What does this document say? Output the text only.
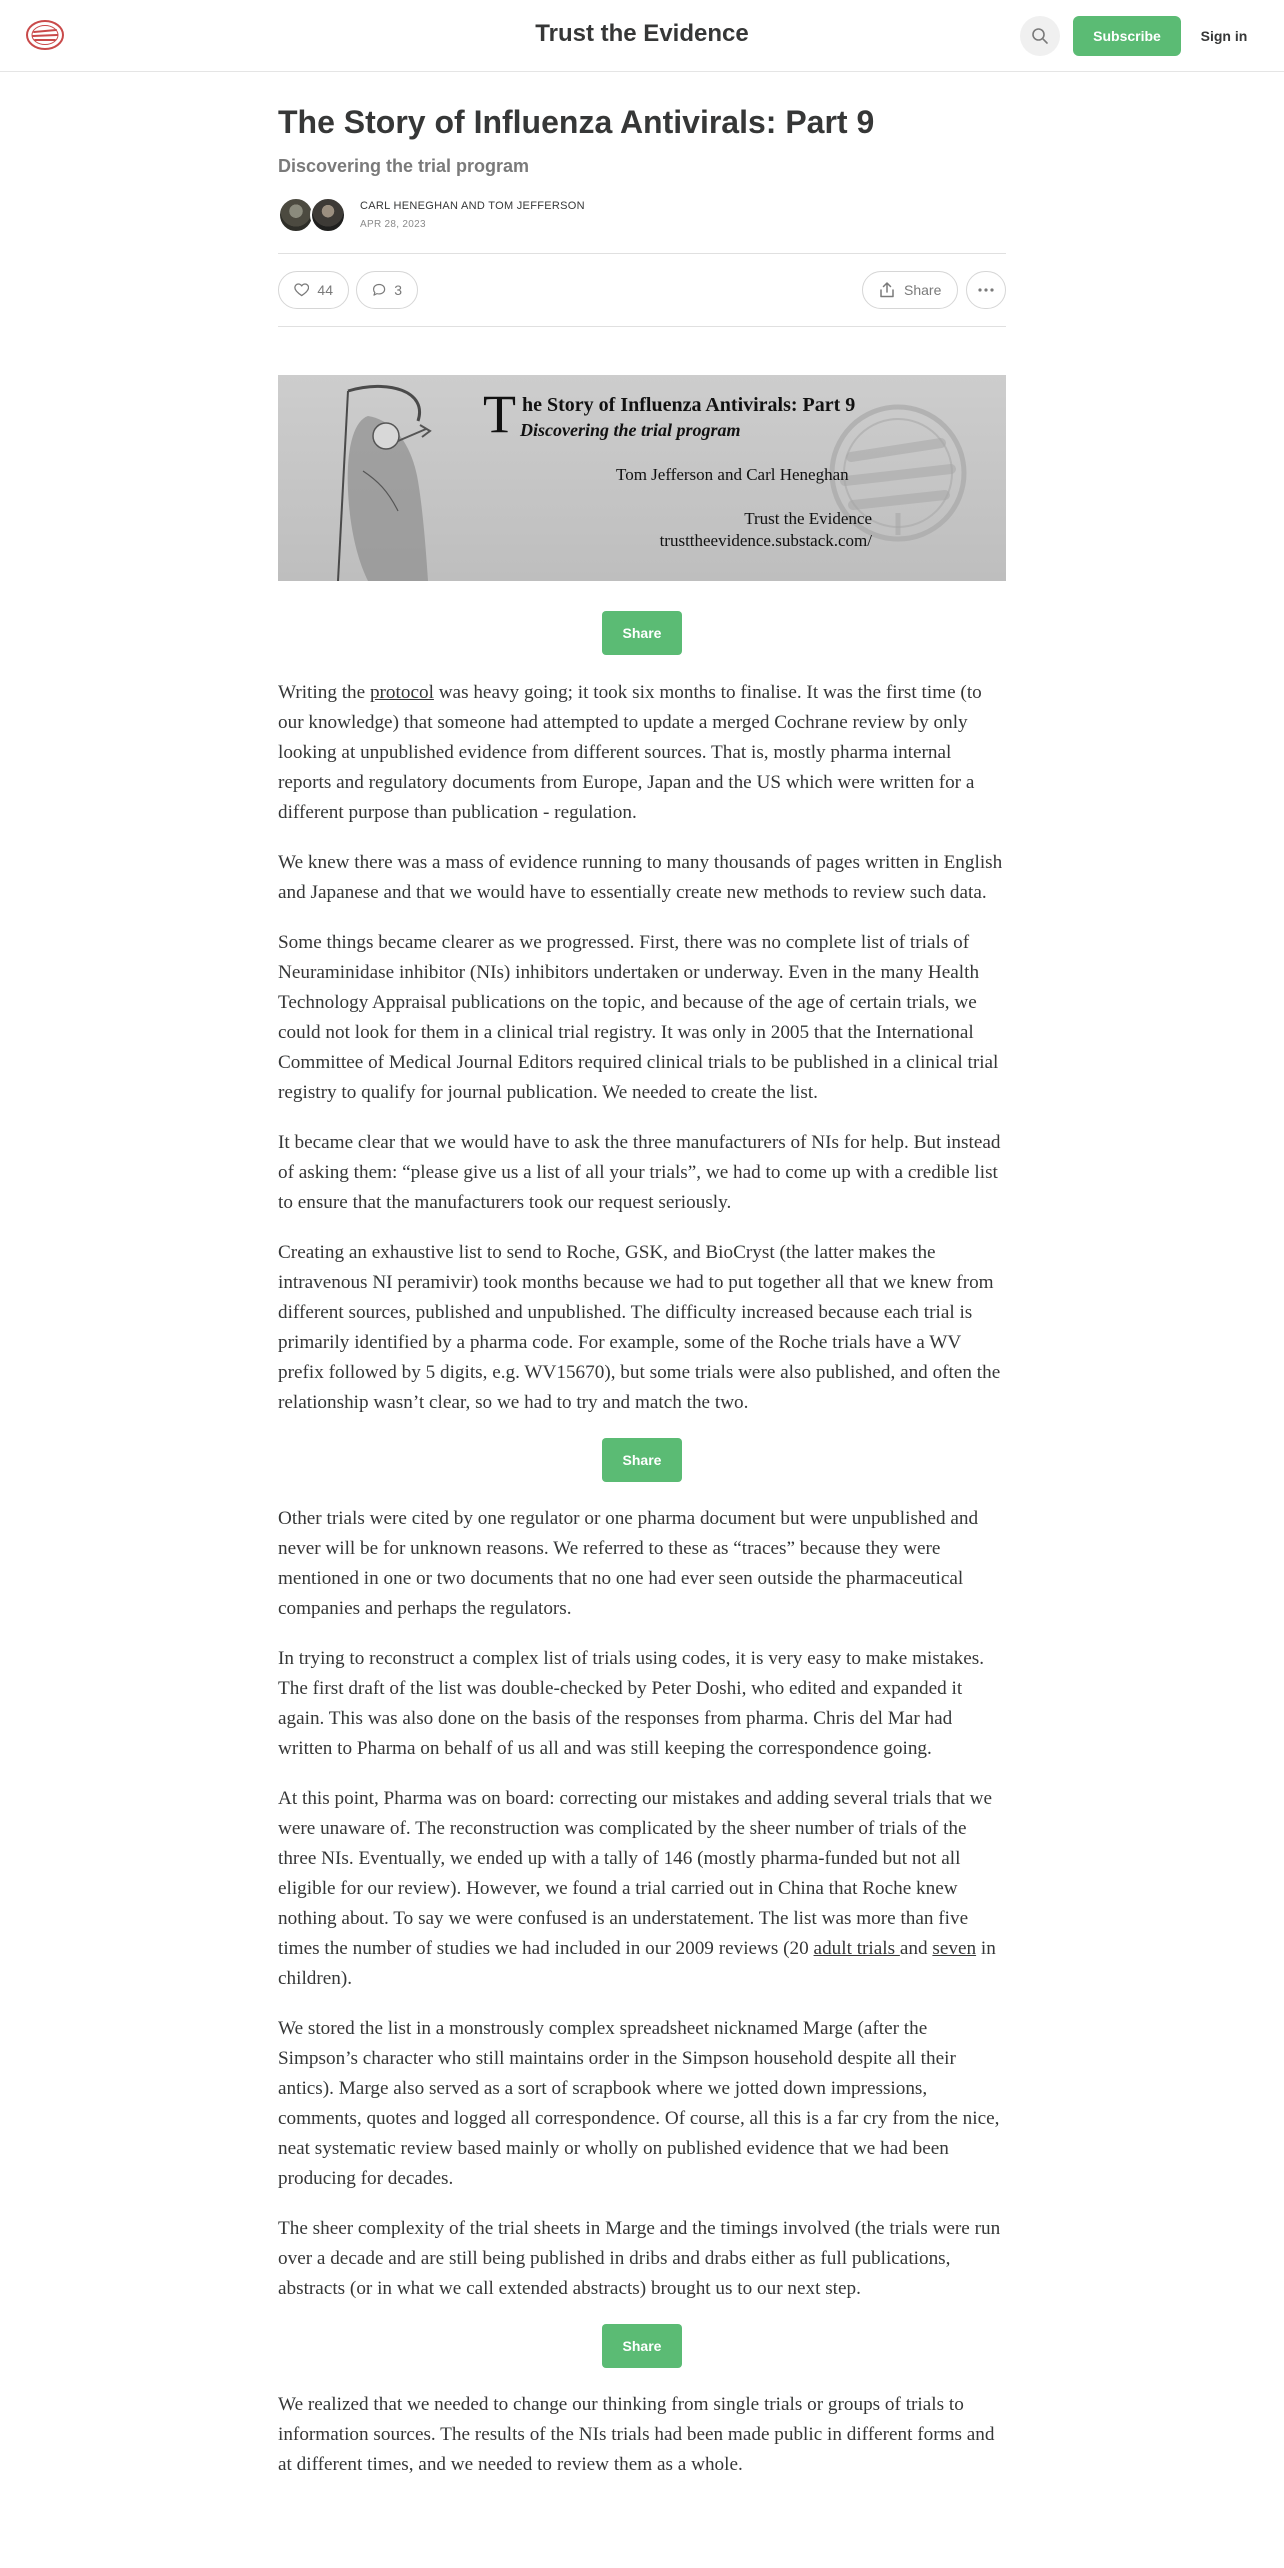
Trust the Evidence	Subscribe	Sign in
The Story of Influenza Antivirals: Part 9
Discovering the trial program
CARL HENEGHAN AND TOM JEFFERSON
APR 28, 2023
44	3	Share
T he Story of Influenza Antivirals: Part 9
Discovering the trial program
Tom Jefferson and Carl Heneghan
Trust the Evidence
trusttheevidence.substack.com/
Share

Writing the protocol was heavy going; it took six months to finalise. It was the first time (to our knowledge) that someone had attempted to update a merged Cochrane review by only looking at unpublished evidence from different sources. That is, mostly pharma internal reports and regulatory documents from Europe, Japan and the US which were written for a different purpose than publication - regulation.

We knew there was a mass of evidence running to many thousands of pages written in English and Japanese and that we would have to essentially create new methods to review such data.

Some things became clearer as we progressed. First, there was no complete list of trials of Neuraminidase inhibitor (NIs) inhibitors undertaken or underway. Even in the many Health Technology Appraisal publications on the topic, and because of the age of certain trials, we could not look for them in a clinical trial registry. It was only in 2005 that the International Committee of Medical Journal Editors required clinical trials to be published in a clinical trial registry to qualify for journal publication. We needed to create the list.

It became clear that we would have to ask the three manufacturers of NIs for help. But instead of asking them: “please give us a list of all your trials”, we had to come up with a credible list to ensure that the manufacturers took our request seriously.

Creating an exhaustive list to send to Roche, GSK, and BioCryst (the latter makes the intravenous NI peramivir) took months because we had to put together all that we knew from different sources, published and unpublished. The difficulty increased because each trial is primarily identified by a pharma code. For example, some of the Roche trials have a WV prefix followed by 5 digits, e.g. WV15670), but some trials were also published, and often the relationship wasn’t clear, so we had to try and match the two.

Share

Other trials were cited by one regulator or one pharma document but were unpublished and never will be for unknown reasons. We referred to these as “traces” because they were mentioned in one or two documents that no one had ever seen outside the pharmaceutical companies and perhaps the regulators.

In trying to reconstruct a complex list of trials using codes, it is very easy to make mistakes. The first draft of the list was double-checked by Peter Doshi, who edited and expanded it again. This was also done on the basis of the responses from pharma. Chris del Mar had written to Pharma on behalf of us all and was still keeping the correspondence going.

At this point, Pharma was on board: correcting our mistakes and adding several trials that we were unaware of. The reconstruction was complicated by the sheer number of trials of the three NIs. Eventually, we ended up with a tally of 146 (mostly pharma-funded but not all eligible for our review). However, we found a trial carried out in China that Roche knew nothing about. To say we were confused is an understatement. The list was more than five times the number of studies we had included in our 2009 reviews (20 adult trials and seven in children).

We stored the list in a monstrously complex spreadsheet nicknamed Marge (after the Simpson’s character who still maintains order in the Simpson household despite all their antics). Marge also served as a sort of scrapbook where we jotted down impressions, comments, quotes and logged all correspondence. Of course, all this is a far cry from the nice, neat systematic review based mainly or wholly on published evidence that we had been producing for decades.

The sheer complexity of the trial sheets in Marge and the timings involved (the trials were run over a decade and are still being published in dribs and drabs either as full publications, abstracts (or in what we call extended abstracts) brought us to our next step.

Share

We realized that we needed to change our thinking from single trials or groups of trials to information sources. The results of the NIs trials had been made public in different forms and at different times, and we needed to review them as a whole.
